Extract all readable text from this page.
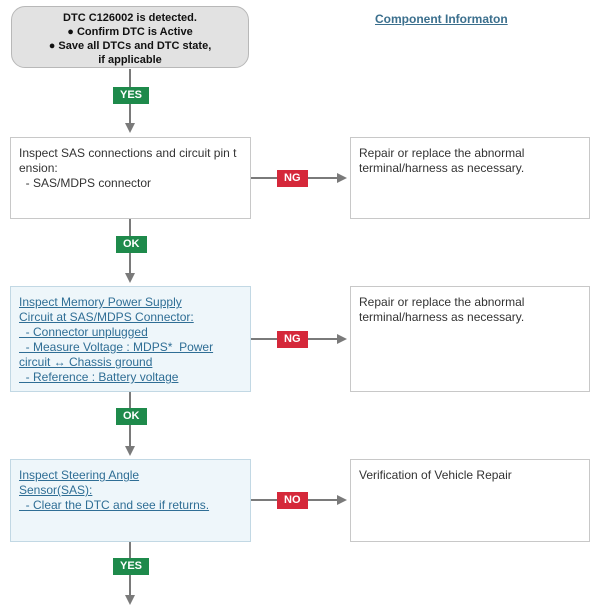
DTC C126002 is detected.
● Confirm DTC is Active
● Save all DTCs and DTC state,
if applicable
Component Informaton
YES
NG
OK
NG
OK
NO
YES
Inspect SAS connections and circuit pin t
ension:
- SAS/MDPS connector
Repair or replace the abnormal
terminal/harness as necessary.
Inspect Memory Power Supply
Circuit at SAS/MDPS Connector:
- Connector unplugged
- Measure Voltage : MDPS*  Power
circuit ↔ Chassis ground
- Reference : Battery voltage
Repair or replace the abnormal
terminal/harness as necessary.
Inspect Steering Angle
Sensor(SAS):
- Clear the DTC and see if returns.
Verification of Vehicle Repair
